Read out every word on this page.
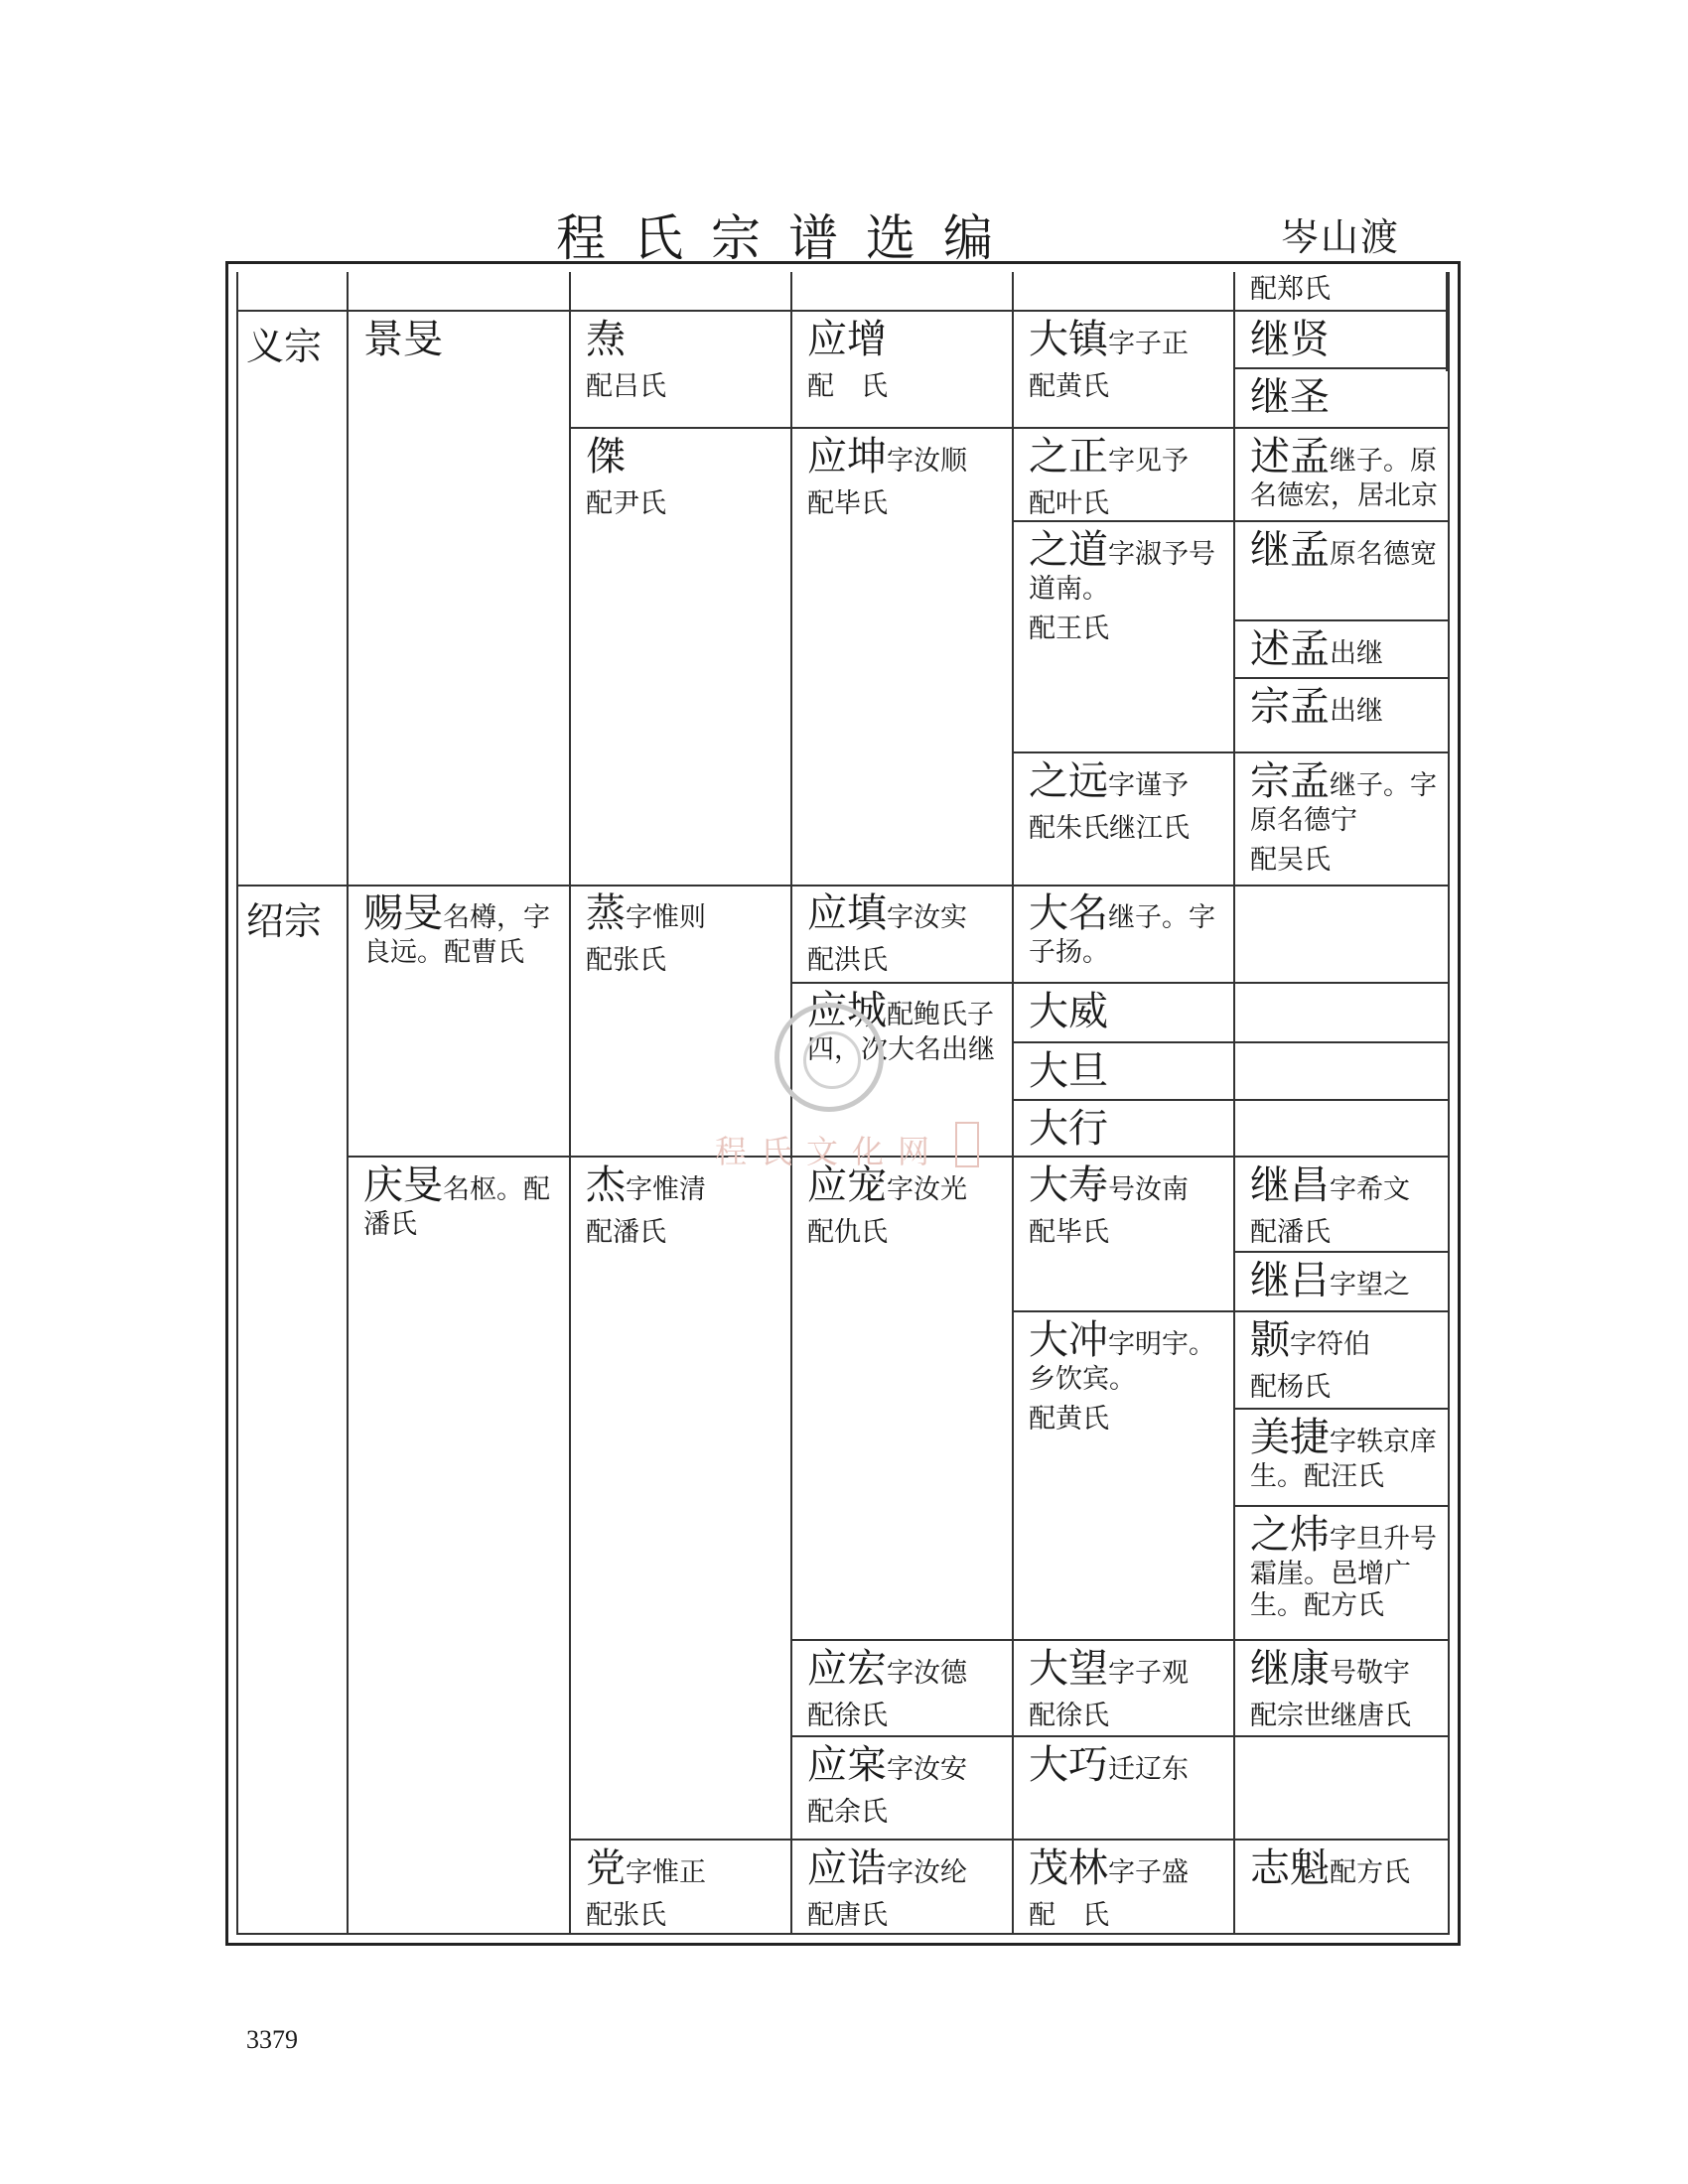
程氏宗谱选编	岑山渡
义宗
绍宗
景旻
赐旻名樽，字良远。配曹氏
庆旻名枢。配潘氏
焘
配吕氏
傑
配尹氏
蒸字惟则
配张氏
杰字惟清
配潘氏
党字惟正
配张氏
应增
配　氏
应坤字汝顺
配毕氏
应填字汝实
配洪氏
应城配鲍氏子四，次大名出继
应宠字汝光
配仇氏
应宏字汝德
配徐氏
应宲字汝安
配余氏
应诰字汝纶
配唐氏
大镇字子正
配黄氏
之正字见予
配叶氏
之道字淑予号道南。
配王氏
之远字谨予
配朱氏继江氏
大名继子。字子扬。
大威
大旦
大行
大寿号汝南
配毕氏
大冲字明宇。乡饮宾。
配黄氏
大望字子观
配徐氏
大巧迁辽东
茂林字子盛
配　氏
配郑氏
继贤
继圣
述孟继子。原名德宏，居北京
继孟原名德宽
述孟出继
宗孟出继
宗孟继子。字原名德宁
配吴氏
继昌字希文
配潘氏
继吕字望之
颢字符伯
配杨氏
美捷字轶京庠生。配汪氏
之炜字旦升号霜崖。邑增广生。配方氏
继康号敬宇
配宗世继唐氏
志魁配方氏
程氏文化网
3379
